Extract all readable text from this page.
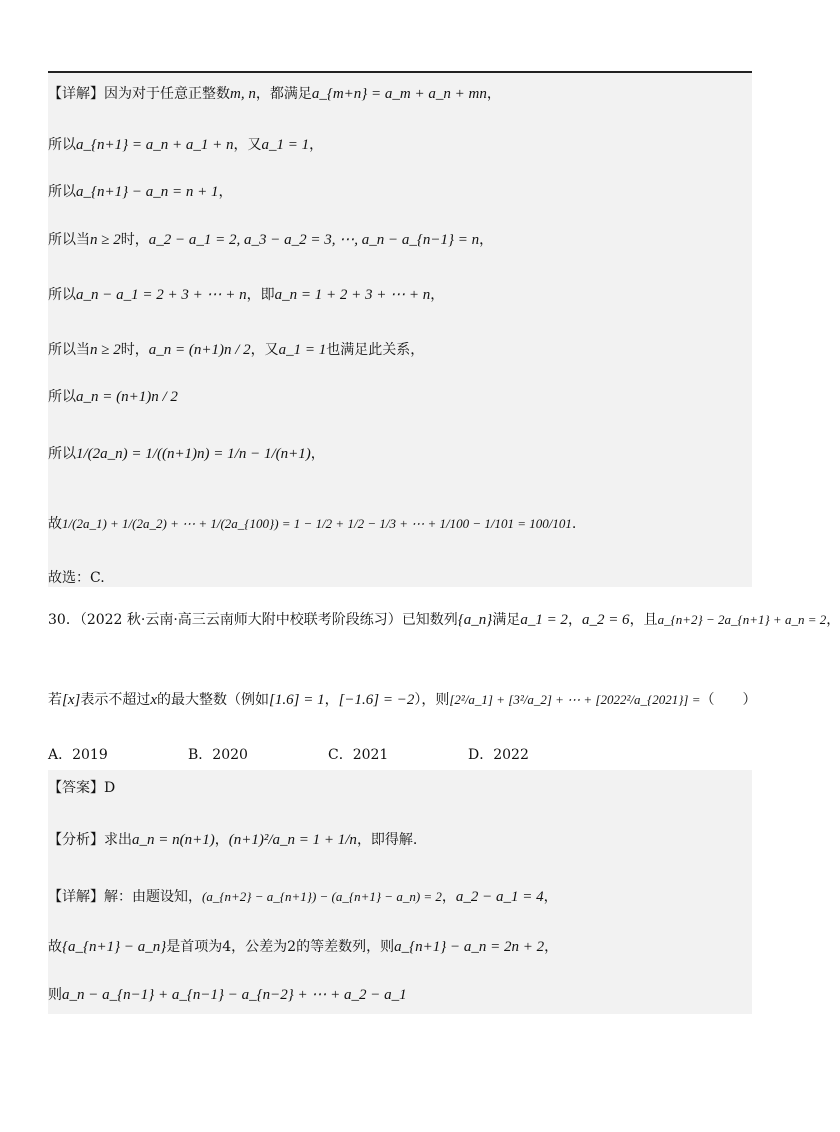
【详解】因为对于任意正整数m, n，都满足a_{m+n} = a_m + a_n + mn，
所以a_{n+1} = a_n + a_1 + n，又a_1 = 1，
所以a_{n+1} − a_n = n + 1，
所以当n ≥ 2时，a_2 − a_1 = 2, a_3 − a_2 = 3, ⋯, a_n − a_{n−1} = n，
所以a_n − a_1 = 2 + 3 + ⋯ + n，即a_n = 1 + 2 + 3 + ⋯ + n，
所以当n ≥ 2时，a_n = (n+1)n / 2，又a_1 = 1也满足此关系，
所以a_n = (n+1)n / 2
所以1/(2a_n) = 1/((n+1)n) = 1/n − 1/(n+1)，
故1/(2a_1) + 1/(2a_2) + ⋯ + 1/(2a_{100}) = 1 − 1/2 + 1/2 − 1/3 + ⋯ + 1/100 − 1/101 = 100/101.
故选：C.
30．（2022 秋·云南·高三云南师大附中校联考阶段练习）已知数列{a_n}满足a_1 = 2，a_2 = 6，且a_{n+2} − 2a_{n+1} + a_n = 2，
若[x]表示不超过x的最大整数（例如[1.6] = 1，[−1.6] = −2），则[2²/a_1] + [3²/a_2] + ⋯ + [2022²/a_{2021}] =（　　）
A．2019	B．2020	C．2021	D．2022
【答案】D
【分析】求出a_n = n(n+1)，(n+1)²/a_n = 1 + 1/n，即得解.
【详解】解：由题设知，(a_{n+2} − a_{n+1}) − (a_{n+1} − a_n) = 2，a_2 − a_1 = 4，
故{a_{n+1} − a_n}是首项为4，公差为2的等差数列，则a_{n+1} − a_n = 2n + 2，
则a_n − a_{n−1} + a_{n−1} − a_{n−2} + ⋯ + a_2 − a_1
